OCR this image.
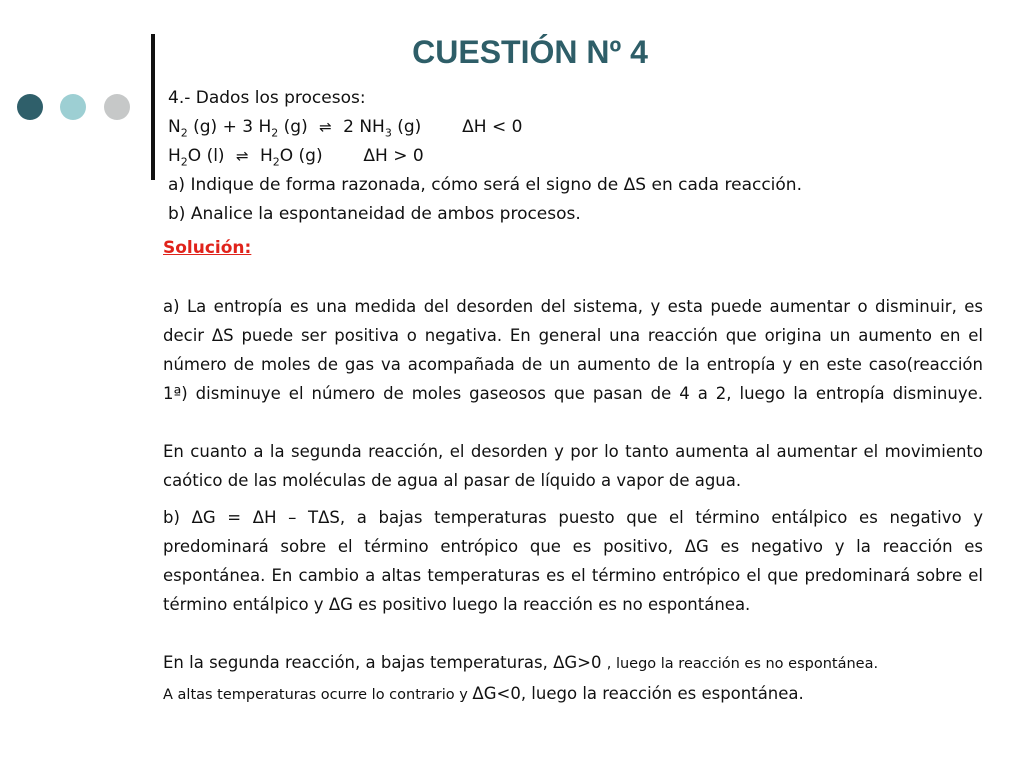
CUESTIÓN Nº 4
4.- Dados los procesos:
$N_2$ (g) + 3 $H_2$ (g) ⇌ 2 $NH_3$ (g) ΔH < 0
$H_2O$ (l) ⇌ $H_2O$ (g) ΔH > 0
a) Indique de forma razonada, cómo será el signo de ΔS en cada reacción.
b) Analice la espontaneidad de ambos procesos.

Solución:

a) La entropía es una medida del desorden del sistema, y esta puede aumentar o disminuir, es decir ΔS puede ser positiva o negativa. En general una reacción que origina un aumento en el número de moles de gas va acompañada de un aumento de la entropía y en este caso(reacción 1ª) disminuye el número de moles gaseosos que pasan de 4 a 2, luego la entropía disminuye.

En cuanto a la segunda reacción, el desorden y por lo tanto aumenta al aumentar el movimiento caótico de las moléculas de agua al pasar de líquido a vapor de agua.

b) ΔG = ΔH – TΔS, a bajas temperaturas puesto que el término entálpico es negativo y predominará sobre el término entrópico que es positivo, ΔG es negativo y la reacción es espontánea. En cambio a altas temperaturas es el término entrópico el que predominará sobre el término entálpico y ΔG es positivo luego la reacción es no espontánea.

En la segunda reacción, a bajas temperaturas, ΔG>0 , luego la reacción es no espontánea.
A altas temperaturas ocurre lo contrario y ΔG<0, luego la reacción es espontánea.
